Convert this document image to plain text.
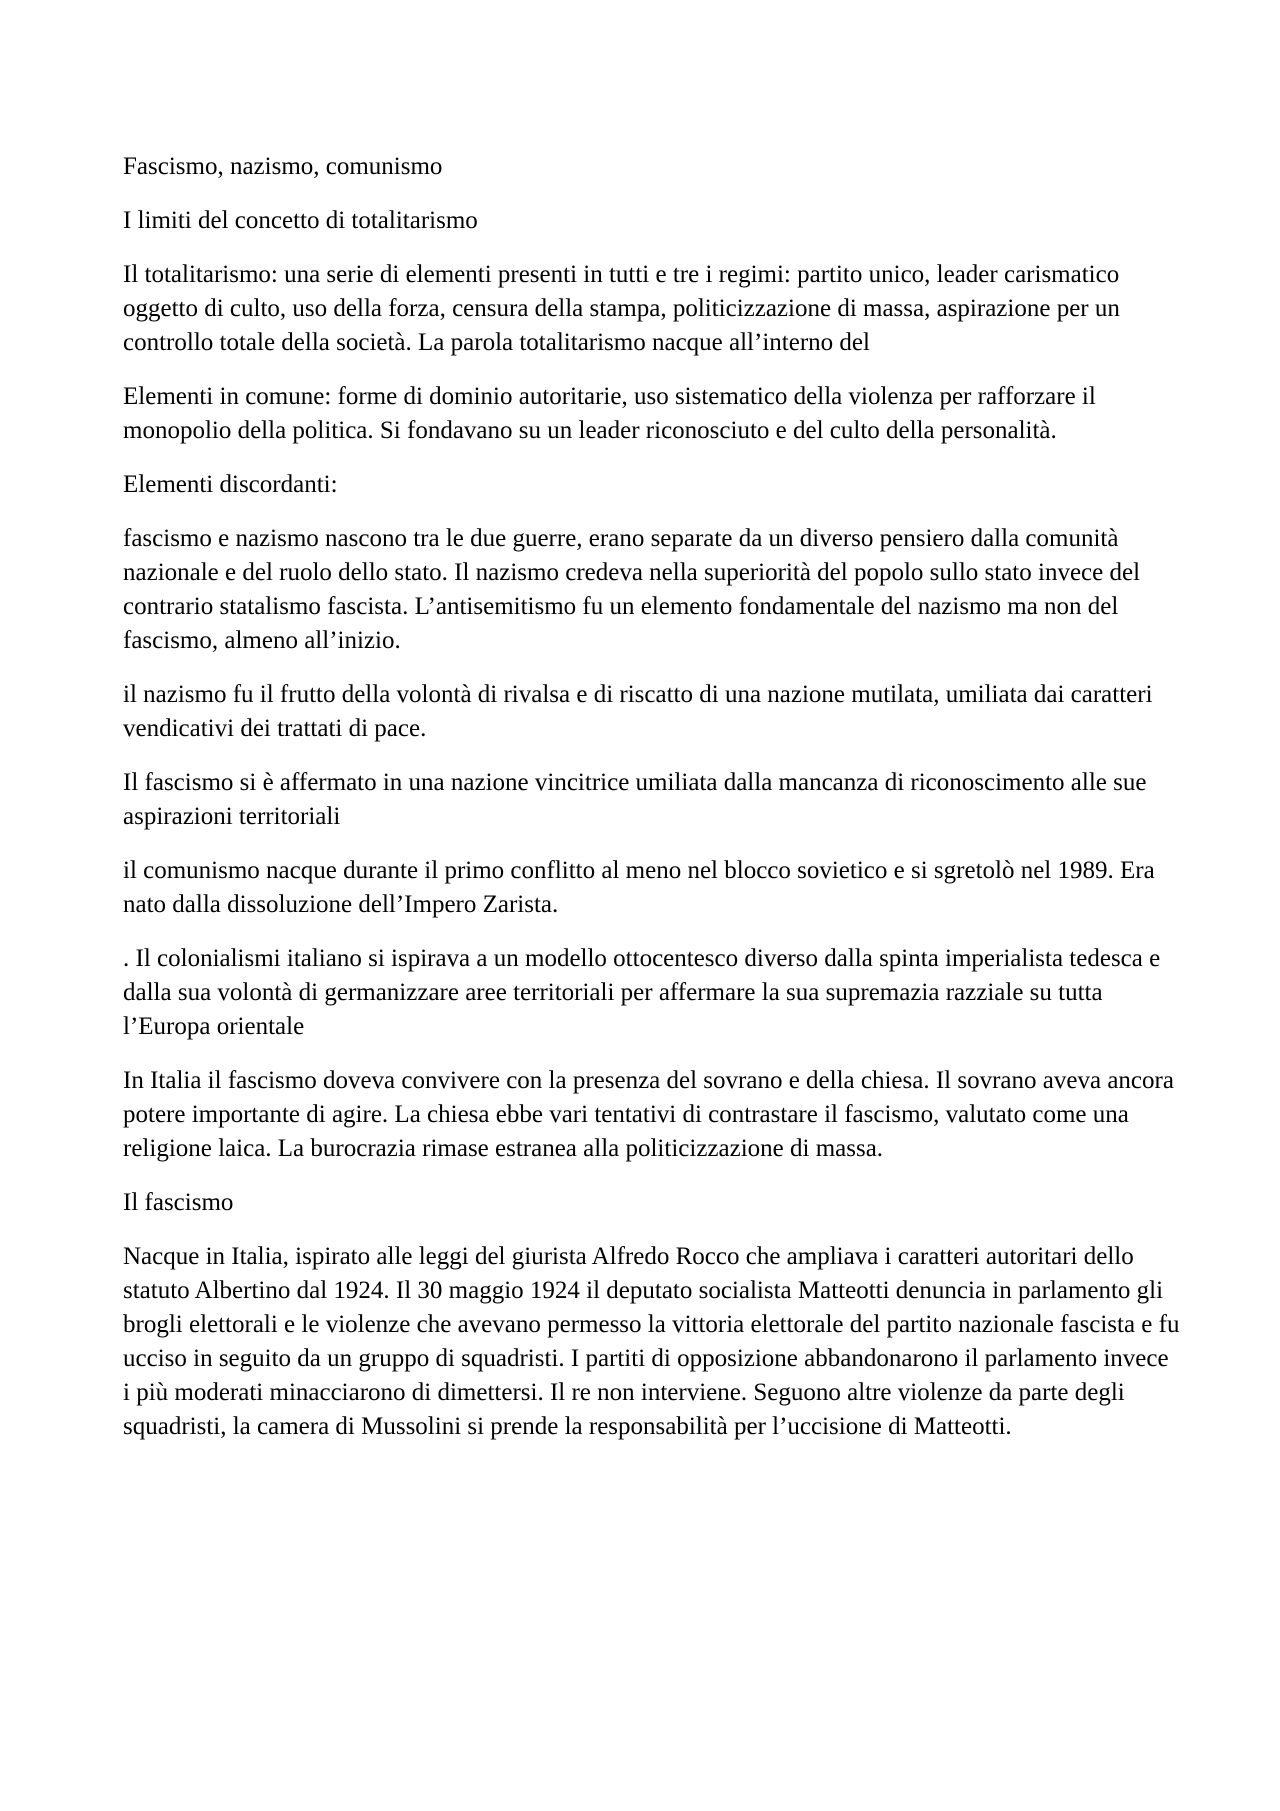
Fascismo, nazismo, comunismo

I limiti del concetto di totalitarismo

Il totalitarismo: una serie di elementi presenti in tutti e tre i regimi: partito unico, leader carismatico oggetto di culto, uso della forza, censura della stampa, politicizzazione di massa, aspirazione per un controllo totale della società. La parola totalitarismo nacque all’interno del

Elementi in comune: forme di dominio autoritarie, uso sistematico della violenza per rafforzare il monopolio della politica. Si fondavano su un leader riconosciuto e del culto della personalità.

Elementi discordanti:

fascismo e nazismo nascono tra le due guerre, erano separate da un diverso pensiero dalla comunità nazionale e del ruolo dello stato. Il nazismo credeva nella superiorità del popolo sullo stato invece del contrario statalismo fascista. L’antisemitismo fu un elemento fondamentale del nazismo ma non del fascismo, almeno all’inizio.

il nazismo fu il frutto della volontà di rivalsa e di riscatto di una nazione mutilata, umiliata dai caratteri vendicativi dei trattati di pace.

Il fascismo si è affermato in una nazione vincitrice umiliata dalla mancanza di riconoscimento alle sue aspirazioni territoriali

il comunismo nacque durante il primo conflitto al meno nel blocco sovietico e si sgretolò nel 1989. Era nato dalla dissoluzione dell’Impero Zarista.

. Il colonialismi italiano si ispirava a un modello ottocentesco diverso dalla spinta imperialista tedesca e dalla sua volontà di germanizzare aree territoriali per affermare la sua supremazia razziale su tutta l’Europa orientale

In Italia il fascismo doveva convivere con la presenza del sovrano e della chiesa. Il sovrano aveva ancora potere importante di agire. La chiesa ebbe vari tentativi di contrastare il fascismo, valutato come una religione laica. La burocrazia rimase estranea alla politicizzazione di massa.

Il fascismo

Nacque in Italia, ispirato alle leggi del giurista Alfredo Rocco che ampliava i caratteri autoritari dello statuto Albertino dal 1924. Il 30 maggio 1924 il deputato socialista Matteotti denuncia in parlamento gli brogli elettorali e le violenze che avevano permesso la vittoria elettorale del partito nazionale fascista e fu ucciso in seguito da un gruppo di squadristi. I partiti di opposizione abbandonarono il parlamento invece i più moderati minacciarono di dimettersi. Il re non interviene. Seguono altre violenze da parte degli squadristi, la camera di Mussolini si prende la responsabilità per l’uccisione di Matteotti.
